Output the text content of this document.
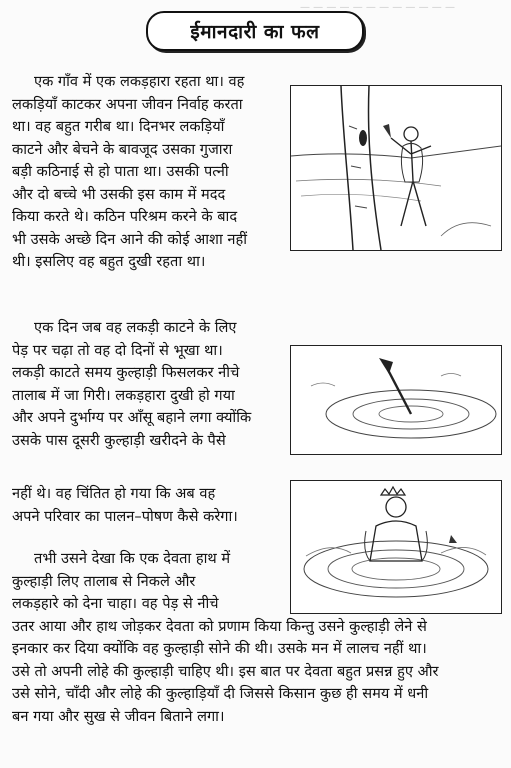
ईमानदारी का फल
— — — — — — — — — — — —
एक गाँव में एक लकड़हारा रहता था। वह
लकड़ियाँ काटकर अपना जीवन निर्वाह करता
था। वह बहुत गरीब था। दिनभर लकड़ियाँ
काटने और बेचने के बावजूद उसका गुजारा
बड़ी कठिनाई से हो पाता था। उसकी पत्नी
और दो बच्चे भी उसकी इस काम में मदद
किया करते थे। कठिन परिश्रम करने के बाद
भी उसके अच्छे दिन आने की कोई आशा नहीं
थी। इसलिए वह बहुत दुखी रहता था।
एक दिन जब वह लकड़ी काटने के लिए
पेड़ पर चढ़ा तो वह दो दिनों से भूखा था।
लकड़ी काटते समय कुल्हाड़ी फिसलकर नीचे
तालाब में जा गिरी। लकड़हारा दुखी हो गया
और अपने दुर्भाग्य पर आँसू बहाने लगा क्योंकि
उसके पास दूसरी कुल्हाड़ी खरीदने के पैसे
नहीं थे। वह चिंतित हो गया कि अब वह
अपने परिवार का पालन–पोषण कैसे करेगा।
तभी उसने देखा कि एक देवता हाथ में
कुल्हाड़ी लिए तालाब से निकले और
लकड़हारे को देना चाहा। वह पेड़ से नीचे
उतर आया और हाथ जोड़कर देवता को प्रणाम किया किन्तु उसने कुल्हाड़ी लेने से
इनकार कर दिया क्योंकि वह कुल्हाड़ी सोने की थी। उसके मन में लालच नहीं था।
उसे तो अपनी लोहे की कुल्हाड़ी चाहिए थी। इस बात पर देवता बहुत प्रसन्न हुए और
उसे सोने, चाँदी और लोहे की कुल्हाड़ियाँ दी जिससे किसान कुछ ही समय में धनी
बन गया और सुख से जीवन बिताने लगा।
